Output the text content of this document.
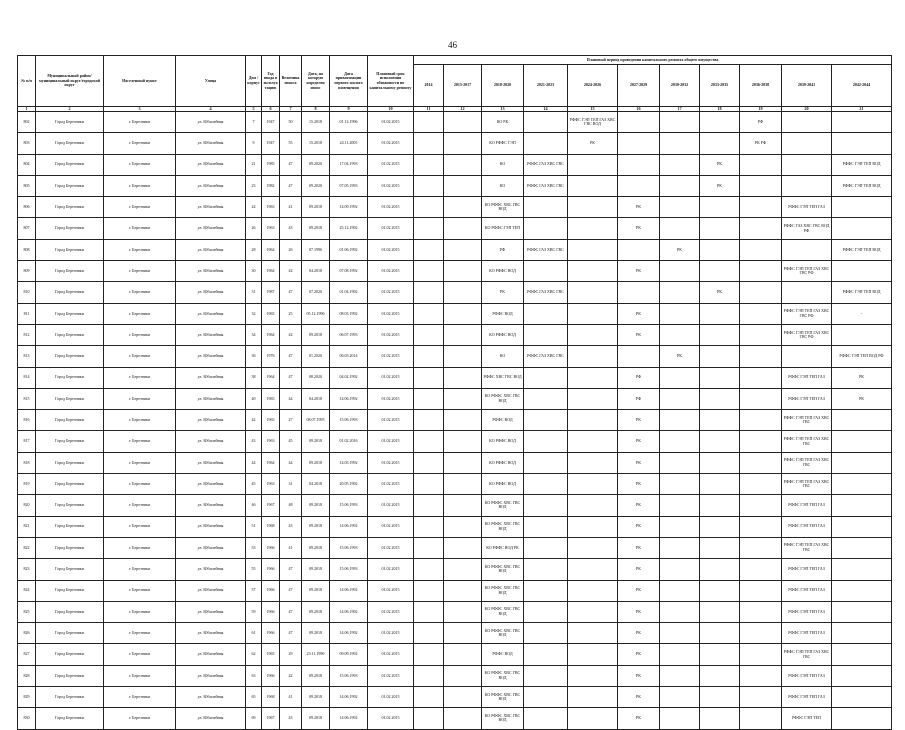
46
№ п/п	Муниципальный район/ муниципальный округ/городской округ	Населенный пункт	Улица	Дом / корпус	Год ввода в эксплуатацию	Величина износа	Дата, на которую определен износ	Дата приватизации первого жилого помещения	Плановый срок исполнения обязанности по капитальному ремонту	Плановый период проведения капитального ремонта общего имущества										
										2014	2015-2017	2018-2020	2021-2023	2024-2026	2027-2029	2030-2032	2033-2035	2036-2038	2039-2041	2042-2044
1	2	3	4	5	6	7	8	9	10	11	12	13	14	15	16	17	18	19	20	21
802	Город Березники	г. Березники	ул. Юбилейная	7	1947	50	15.2018	01.12.1996	01.02.2015			КО РК		РФФС ГЭП ТЕП ГАЗ ХВС ГВС ВОД				РФ		
803	Город Березники	г. Березники	ул. Юбилейная	9	1947	55	15.2018	24.11.2005	01.02.2015			КО РФФС ГЭП		РК				РК РФ		
804	Город Березники	г. Березники	ул. Юбилейная	21	1985	47	09.2020	17.04.1993	01.02.2015			КО	РФФС ГАЗ ХВС ГВС				РК			РФФС ГЭП ТЕП ВОД
805	Город Березники	г. Березники	ул. Юбилейная	23	1982	47	09.2020	07.05.1993	01.02.2015			КО	РФФС ГАЗ ХВС ГВС				РК			РФФС ГЭП ТЕП ВОД
806	Город Березники	г. Березники	ул. Юбилейная	24	1963	41	09.2018	14.09.1992	01.02.2015			КО РФФС ХВС ГВС ВОД			РК				РФФС ГЭП ТЕП ГАЗ	
807	Город Березники	г. Березники	ул. Юбилейная	26	1963	43	09.2018	25.12.1992	01.02.2015			КО РФФС ГЭП ТЕП			РК				РФФС ГАЗ ХВС ГВС ВОД РФ	
808	Город Березники	г. Березники	ул. Юбилейная	28	1964	26	07.1996	01.06.1992	01.02.2015			РФ	РФФС ГАЗ ХВС ГВС			РК				РФФС ГЭП ТЕП ВОД
809	Город Березники	г. Березники	ул. Юбилейная	30	1964	42	04.2018	07.08.1992	01.02.2015			КО РФФС ВОД			РК				РФФС ГЭП ТЕП ГАЗ ХВС ГВС РФ	
810	Город Березники	г. Березники	ул. Юбилейная	31	1987	47	07.2020	01.04.1992	01.02.2015			РК	РФФС ГАЗ ХВС ГВС				РК			РФФС ГЭП ТЕП ВОД
811	Город Березники	г. Березники	ул. Юбилейная	32	1965	25	05.12.1996	08.03.1992	01.02.2015			РФФС ВОД			РК				РФФС ГЭП ТЕП ГАЗ ХВС ГВС РФ	-
812	Город Березники	г. Березники	ул. Юбилейная	34	1964	42	09.2018	06.07.1993	01.02.2015			КО РФФС ВОД			РК				РФФС ГЭП ТЕП ГАЗ ХВС ГВС РФ	
813	Город Березники	г. Березники	ул. Юбилейная	36	1976	47	01.2020	06.03.2014	01.02.2015			КО	РФФС ГАЗ ХВС ГВС			РК				РФФС ГЭП ТЕП ВОД РФ
814	Город Березники	г. Березники	ул. Юбилейная	38	1964	47	08.2020	04.02.1992	01.02.2015			РФФС ХВС ГВС ВОД			РФ				РФФС ГЭП ТЕП ГАЗ	РК
815	Город Березники	г. Березники	ул. Юбилейная	40	1965	44	04.2018	14.06.1992	01.02.2015			КО РФФС ХВС ГВС ВОД			РФ				РФФС ГЭП ТЕП ГАЗ	РК
816	Город Березники	г. Березники	ул. Юбилейная	42	1965	27	08.07.1995	15.06.1993	01.02.2015			РФФС ВОД			РК				РФФС ГЭП ТЕП ГАЗ ХВС ГВС	
817	Город Березники	г. Березники	ул. Юбилейная	43	1963	45	09.2018	01.02.2016	01.02.2015			КО РФФС ВОД			РК				РФФС ГЭП ТЕП ГАЗ ХВС ГВС	
818	Город Березники	г. Березники	ул. Юбилейная	44	1964	44	09.2018	14.05.1992	01.02.2015			КО РФФС ВОД			РК				РФФС ГЭП ТЕП ГАЗ ХВС ГВС	
819	Город Березники	г. Березники	ул. Юбилейная	45	1963	31	04.2018	20.05.1992	01.02.2015			КО РФФС ВОД			РК				РФФС ГЭП ТЕП ГАЗ ХВС ГВС	
820	Город Березники	г. Березники	ул. Юбилейная	46	1967	48	09.2018	15.06.1993	01.02.2015			КО РФФС ХВС ГВС ВОД			РК				РФФС ГЭП ТЕП ГАЗ	
821	Город Березники	г. Березники	ул. Юбилейная	51	1968	43	09.2018	14.06.1992	01.02.2015			КО РФФС ХВС ГВС ВОД			РК				РФФС ГЭП ТЕП ГАЗ	
822	Город Березники	г. Березники	ул. Юбилейная	53	1966	41	09.2018	15.06.1993	01.02.2015			КО РФФС ВОД РК			РК				РФФС ГЭП ТЕП ГАЗ ХВС ГВС	
823	Город Березники	г. Березники	ул. Юбилейная	55	1966	47	09.2018	15.06.1993	01.02.2015			КО РФФС ХВС ГВС ВОД			РК				РФФС ГЭП ТЕП ГАЗ	
824	Город Березники	г. Березники	ул. Юбилейная	57	1966	47	09.2018	14.06.1992	01.02.2015			КО РФФС ХВС ГВС ВОД			РК				РФФС ГЭП ТЕП ГАЗ	
825	Город Березники	г. Березники	ул. Юбилейная	59	1966	47	09.2018	14.06.1992	01.02.2015			КО РФФС ХВС ГВС ВОД			РК				РФФС ГЭП ТЕП ГАЗ	
826	Город Березники	г. Березники	ул. Юбилейная	61	1966	47	09.2018	14.06.1992	01.02.2015			КО РФФС ХВС ГВС ВОД			РК				РФФС ГЭП ТЕП ГАЗ	
827	Город Березники	г. Березники	ул. Юбилейная	62	1965	29	23.11.1990	09.09.1992	01.02.2015			РФФС ВОД			РК				РФФС ГЭП ТЕП ГАЗ ХВС ГВС	
828	Город Березники	г. Березники	ул. Юбилейная	63	1966	42	09.2018	15.06.1993	01.02.2015			КО РФФС ХВС ГВС ВОД			РК				РФФС ГЭП ТЕП ГАЗ	
829	Город Березники	г. Березники	ул. Юбилейная	65	1968	41	09.2018	14.06.1992	01.02.2015			КО РФФС ХВС ГВС ВОД			РК				РФФС ГЭП ТЕП ГАЗ	
830	Город Березники	г. Березники	ул. Юбилейная	69	1967	43	09.2018	14.06.1992	01.02.2015			КО РФФС ХВС ГВС ВОД			РК				РФФС ГЭП ТЕП	
